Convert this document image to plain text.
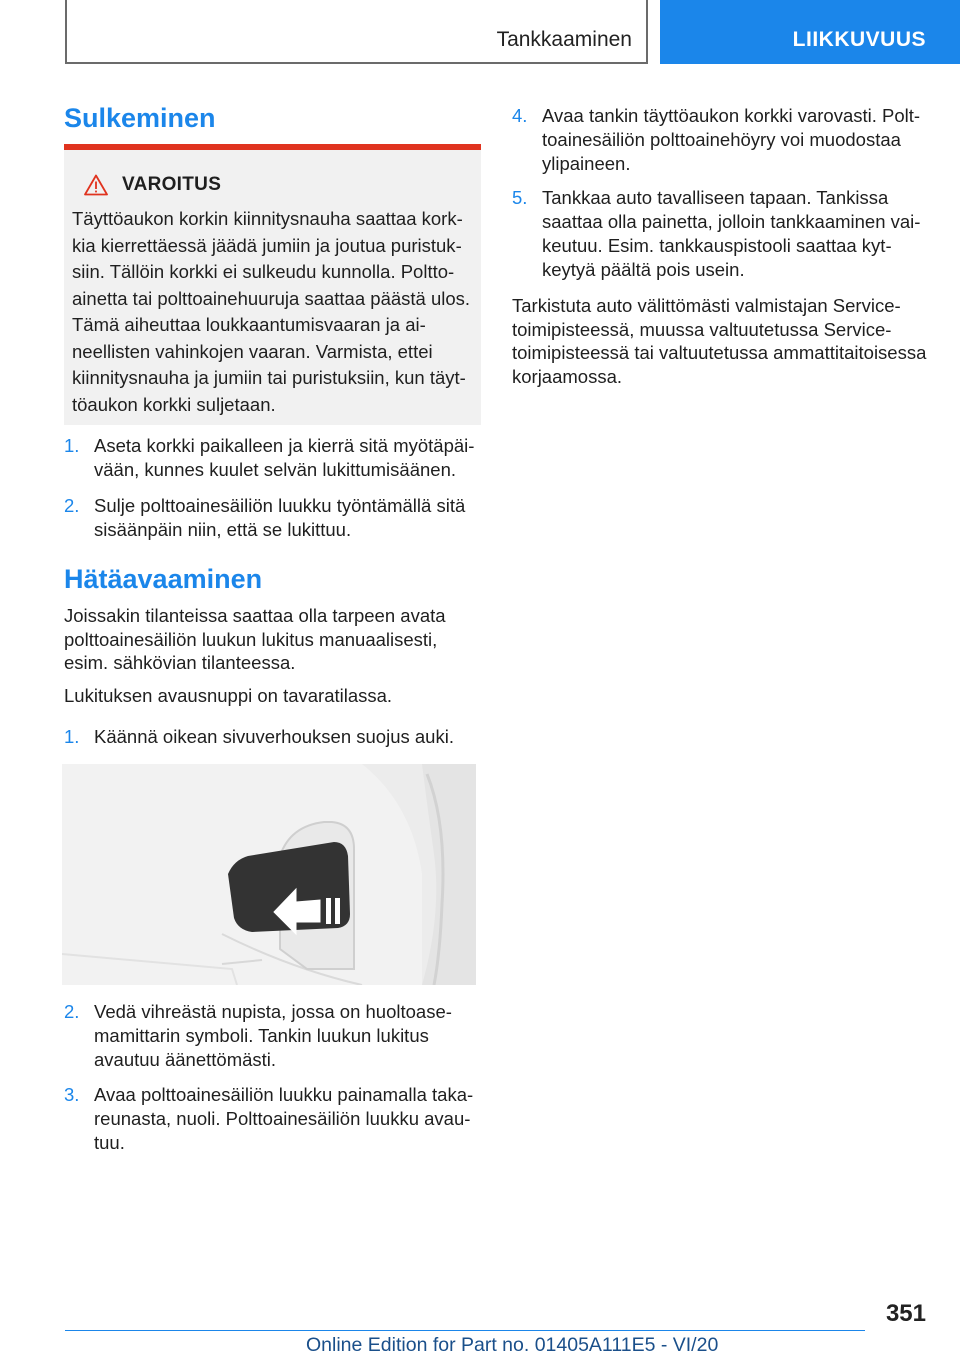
Tankkaaminen	LIIKKUVUUS
Sulkeminen
VAROITUS
Täyttöaukon korkin kiinnitysnauha saattaa korkkia kierrettäessä jäädä jumiin ja joutua puristuksiin. Tällöin korkki ei sulkeudu kunnolla. Polttoainetta tai polttoainehuuruja saattaa päästä ulos. Tämä aiheuttaa loukkaantumisvaaran ja aineellisten vahinkojen vaaran. Varmista, ettei kiinnitysnauha ja jumiin tai puristuksiin, kun täyttöaukon korkki suljetaan.
1. Aseta korkki paikalleen ja kierrä sitä myötäpäivään, kunnes kuulet selvän lukittumisäänen.
2. Sulje polttoainesäiliön luukku työntämällä sitä sisäänpäin niin, että se lukittuu.
Hätäavaaminen

Joissakin tilanteissa saattaa olla tarpeen avata polttoainesäiliön luukun lukitus manuaalisesti, esim. sähkövian tilanteessa.

Lukituksen avausnuppi on tavaratilassa.

1. Käännä oikean sivuverhouksen suojus auki.
2. Vedä vihreästä nupista, jossa on huoltoasemamittarin symboli. Tankin luukun lukitus avautuu äänettömästi.
3. Avaa polttoainesäiliön luukku painamalla takareunasta, nuoli. Polttoainesäiliön luukku avautuu.
4. Avaa tankin täyttöaukon korkki varovasti. Polttoainesäiliön polttoainehöyry voi muodostaa ylipaineen.
5. Tankkaa auto tavalliseen tapaan. Tankissa saattaa olla painetta, jolloin tankkaaminen vaikeutuu. Esim. tankkauspistooli saattaa kytkeytyä päältä pois usein.

Tarkistuta auto välittömästi valmistajan Service-toimipisteessä, muussa valtuutetussa Service-toimipisteessä tai valtuutetussa ammattitaitoisessa korjaamossa.

351
Online Edition for Part no. 01405A111E5 - VI/20
